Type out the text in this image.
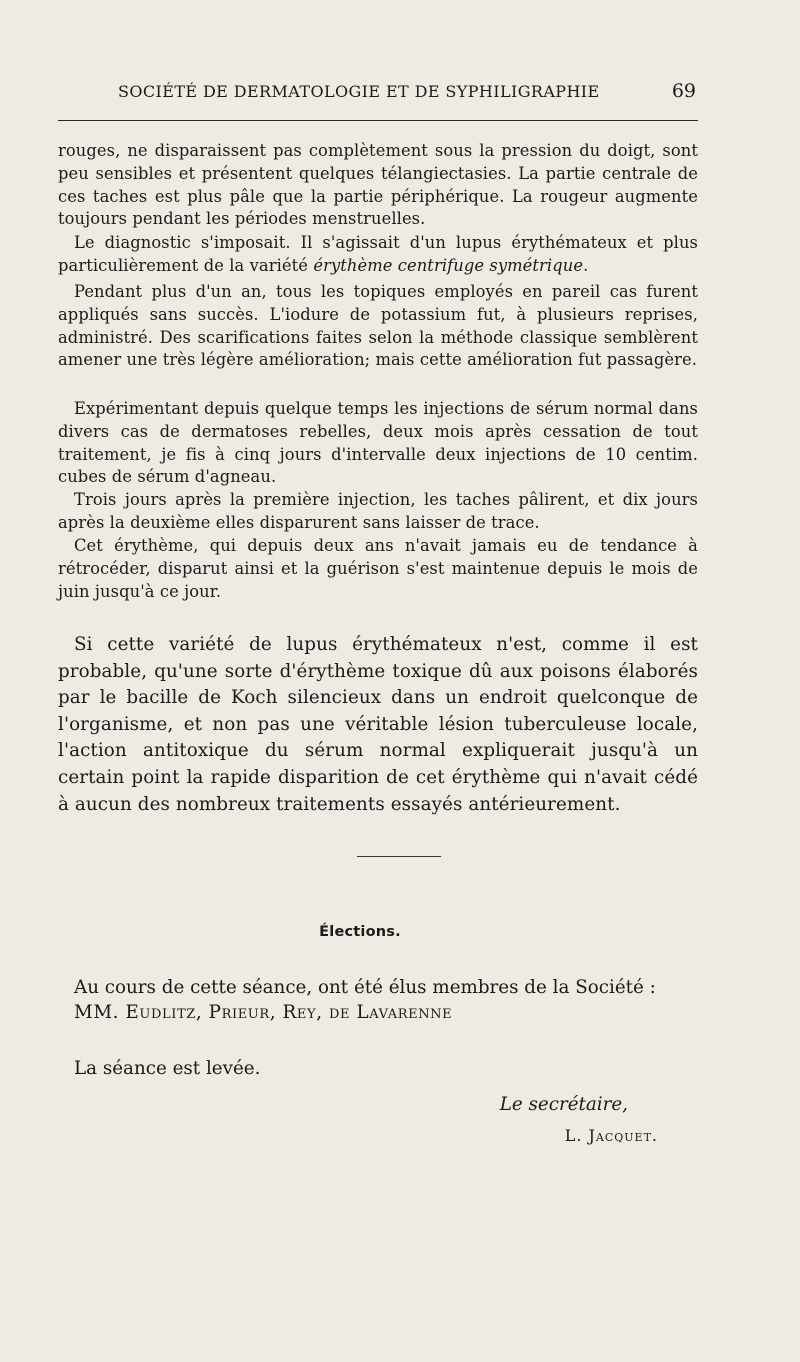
SOCIÉTÉ DE DERMATOLOGIE ET DE SYPHILIGRAPHIE	69

rouges, ne disparaissent pas complètement sous la pression du doigt, sont peu sensibles et présentent quelques télangiectasies. La partie centrale de ces taches est plus pâle que la partie périphérique. La rougeur augmente toujours pendant les périodes menstruelles.

Le diagnostic s'imposait. Il s'agissait d'un lupus érythémateux et plus particulièrement de la variété érythème centrifuge symétrique.

Pendant plus d'un an, tous les topiques employés en pareil cas furent appliqués sans succès. L'iodure de potassium fut, à plusieurs reprises, administré. Des scarifications faites selon la méthode classique semblèrent amener une très légère amélioration; mais cette amélioration fut passagère.

Expérimentant depuis quelque temps les injections de sérum normal dans divers cas de dermatoses rebelles, deux mois après cessation de tout traitement, je fis à cinq jours d'intervalle deux injections de 10 centim. cubes de sérum d'agneau.

Trois jours après la première injection, les taches pâlirent, et dix jours après la deuxième elles disparurent sans laisser de trace.

Cet érythème, qui depuis deux ans n'avait jamais eu de tendance à rétrocéder, disparut ainsi et la guérison s'est maintenue depuis le mois de juin jusqu'à ce jour.

Si cette variété de lupus érythémateux n'est, comme il est probable, qu'une sorte d'érythème toxique dû aux poisons élaborés par le bacille de Koch silencieux dans un endroit quelconque de l'organisme, et non pas une véritable lésion tuberculeuse locale, l'action antitoxique du sérum normal expliquerait jusqu'à un certain point la rapide disparition de cet érythème qui n'avait cédé à aucun des nombreux traitements essayés antérieurement.

Élections.

Au cours de cette séance, ont été élus membres de la Société :

MM. Eudlitz, Prieur, Rey, de Lavarenne

La séance est levée.

Le secrétaire,
L. Jacquet.
